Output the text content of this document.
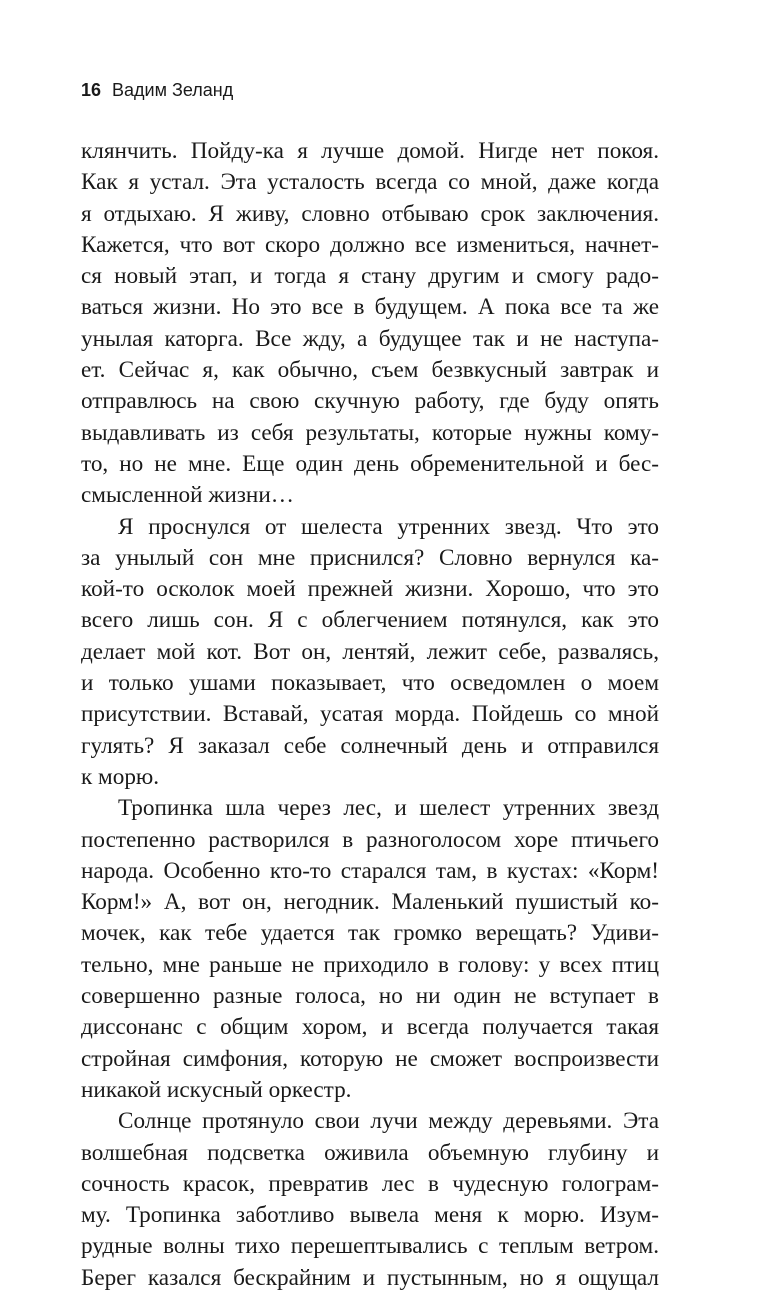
16 Вадим Зеланд
клянчить. Пойду-ка я лучше домой. Нигде нет покоя.
Как я устал. Эта усталость всегда со мной, даже когда
я отдыхаю. Я живу, словно отбываю срок заключения.
Кажется, что вот скоро должно все измениться, начнет-
ся новый этап, и тогда я стану другим и смогу радо-
ваться жизни. Но это все в будущем. А пока все та же
унылая каторга. Все жду, а будущее так и не наступа-
ет. Сейчас я, как обычно, съем безвкусный завтрак и
отправлюсь на свою скучную работу, где буду опять
выдавливать из себя результаты, которые нужны кому-
то, но не мне. Еще один день обременительной и бес-
смысленной жизни…
Я проснулся от шелеста утренних звезд. Что это
за унылый сон мне приснился? Словно вернулся ка-
кой-то осколок моей прежней жизни. Хорошо, что это
всего лишь сон. Я с облегчением потянулся, как это
делает мой кот. Вот он, лентяй, лежит себе, развалясь,
и только ушами показывает, что осведомлен о моем
присутствии. Вставай, усатая морда. Пойдешь со мной
гулять? Я заказал себе солнечный день и отправился
к морю.
Тропинка шла через лес, и шелест утренних звезд
постепенно растворился в разноголосом хоре птичьего
народа. Особенно кто-то старался там, в кустах: «Корм!
Корм!» А, вот он, негодник. Маленький пушистый ко-
мочек, как тебе удается так громко верещать? Удиви-
тельно, мне раньше не приходило в голову: у всех птиц
совершенно разные голоса, но ни один не вступает в
диссонанс с общим хором, и всегда получается такая
стройная симфония, которую не сможет воспроизвести
никакой искусный оркестр.
Солнце протянуло свои лучи между деревьями. Эта
волшебная подсветка оживила объемную глубину и
сочность красок, превратив лес в чудесную голограм-
му. Тропинка заботливо вывела меня к морю. Изум-
рудные волны тихо перешептывались с теплым ветром.
Берег казался бескрайним и пустынным, но я ощущал
